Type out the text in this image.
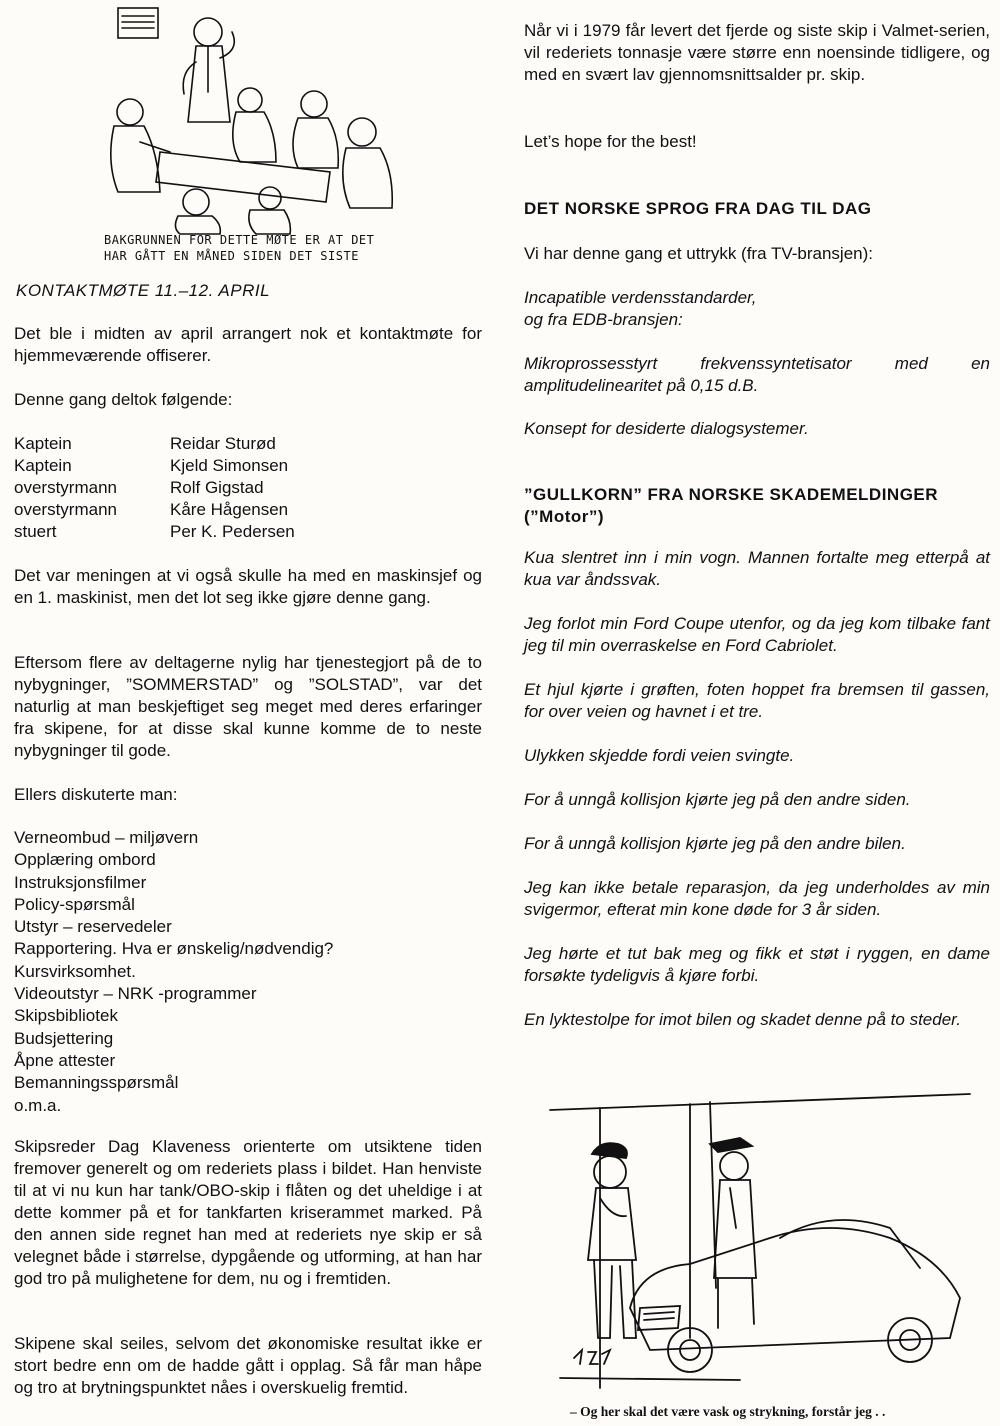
BAKGRUNNEN FOR DETTE MØTE ER AT DET
HAR GÅTT EN MÅNED SIDEN DET SISTE
KONTAKTMØTE 11.–12. APRIL

Det ble i midten av april arrangert nok et kontaktmøte for hjemmeværende offiserer.

Denne gang deltok følgende:

Kaptein	Reidar Sturød
Kaptein	Kjeld Simonsen
overstyrmann	Rolf Gigstad
overstyrmann	Kåre Hågensen
stuert	Per K. Pedersen

Det var meningen at vi også skulle ha med en maskinsjef og en 1. maskinist, men det lot seg ikke gjøre denne gang.

Eftersom flere av deltagerne nylig har tjenestegjort på de to nybygninger, ”SOMMERSTAD” og ”SOLSTAD”, var det naturlig at man beskjeftiget seg meget med deres erfaringer fra skipene, for at disse skal kunne komme de to neste nybygninger til gode.

Ellers diskuterte man:

Verneombud – miljøvern
Opplæring ombord
Instruksjonsfilmer
Policy-spørsmål
Utstyr – reservedeler
Rapportering. Hva er ønskelig/nødvendig?
Kursvirksomhet.
Videoutstyr – NRK -programmer
Skipsbibliotek
Budsjettering
Åpne attester
Bemanningsspørsmål
o.m.a.

Skipsreder Dag Klaveness orienterte om utsiktene tiden fremover generelt og om rederiets plass i bildet. Han henviste til at vi nu kun har tank/OBO-skip i flåten og det uheldige i at dette kommer på et for tankfarten kriserammet marked. På den annen side regnet han med at rederiets nye skip er så velegnet både i størrelse, dypgående og utforming, at han har god tro på mulighetene for dem, nu og i fremtiden.

Skipene skal seiles, selvom det økonomiske resultat ikke er stort bedre enn om de hadde gått i opplag. Så får man håpe og tro at brytningspunktet nåes i overskuelig fremtid.

Når vi i 1979 får levert det fjerde og siste skip i Valmet-serien, vil rederiets tonnasje være større enn noensinde tidligere, og med en svært lav gjennomsnittsalder pr. skip.

Let’s hope for the best!

DET NORSKE SPROG FRA DAG TIL DAG

Vi har denne gang et uttrykk (fra TV-bransjen):

Incapatible verdensstandarder,

og fra EDB-bransjen:

Mikroprossesstyrt frekvenssyntetisator med en amplitudelinearitet på 0,15 d.B.

Konsept for desiderte dialogsystemer.

”GULLKORN” FRA NORSKE SKADEMELDINGER
(”Motor”)

Kua slentret inn i min vogn. Mannen fortalte meg etterpå at kua var åndssvak.

Jeg forlot min Ford Coupe utenfor, og da jeg kom tilbake fant jeg til min overraskelse en Ford Cabriolet.

Et hjul kjørte i grøften, foten hoppet fra bremsen til gassen, for over veien og havnet i et tre.

Ulykken skjedde fordi veien svingte.

For å unngå kollisjon kjørte jeg på den andre siden.

For å unngå kollisjon kjørte jeg på den andre bilen.

Jeg kan ikke betale reparasjon, da jeg underholdes av min svigermor, efterat min kone døde for 3 år siden.

Jeg hørte et tut bak meg og fikk et støt i ryggen, en dame forsøkte tydeligvis å kjøre forbi.

En lyktestolpe for imot bilen og skadet denne på to steder.

– Og her skal det være vask og strykning, forstår jeg . .
